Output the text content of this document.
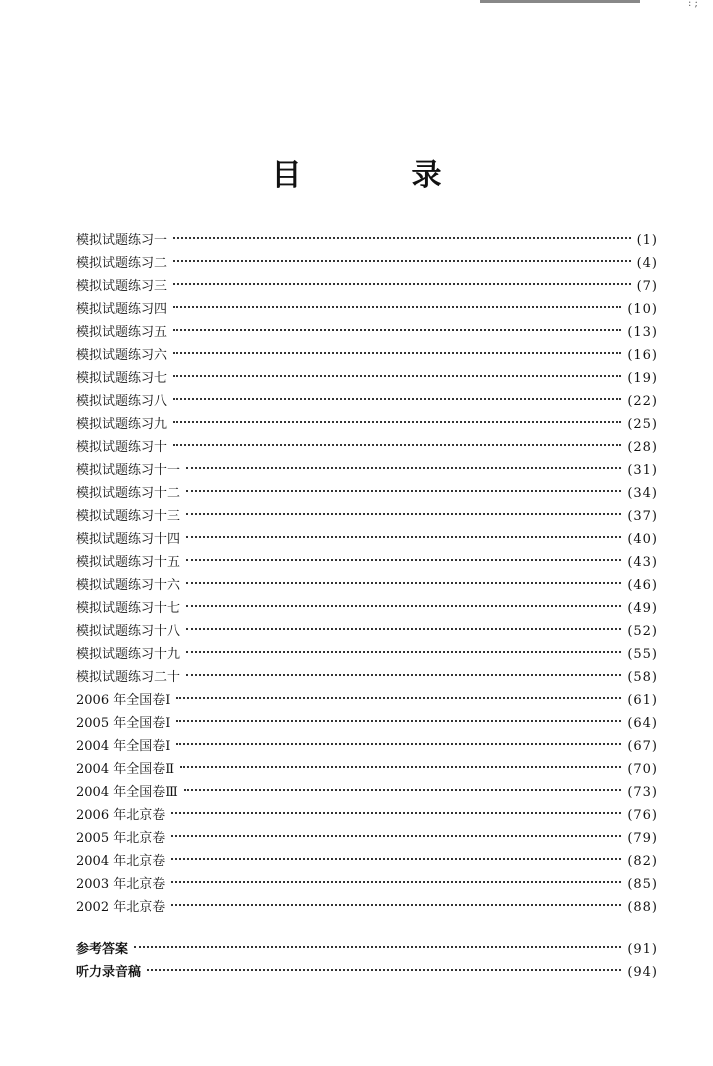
: ;
目　录
模拟试题练习一	(1)
模拟试题练习二	(4)
模拟试题练习三	(7)
模拟试题练习四	(10)
模拟试题练习五	(13)
模拟试题练习六	(16)
模拟试题练习七	(19)
模拟试题练习八	(22)
模拟试题练习九	(25)
模拟试题练习十	(28)
模拟试题练习十一	(31)
模拟试题练习十二	(34)
模拟试题练习十三	(37)
模拟试题练习十四	(40)
模拟试题练习十五	(43)
模拟试题练习十六	(46)
模拟试题练习十七	(49)
模拟试题练习十八	(52)
模拟试题练习十九	(55)
模拟试题练习二十	(58)
2006 年全国卷Ⅰ	(61)
2005 年全国卷Ⅰ	(64)
2004 年全国卷Ⅰ	(67)
2004 年全国卷Ⅱ	(70)
2004 年全国卷Ⅲ	(73)
2006 年北京卷	(76)
2005 年北京卷	(79)
2004 年北京卷	(82)
2003 年北京卷	(85)
2002 年北京卷	(88)
参考答案	(91)
听力录音稿	(94)
